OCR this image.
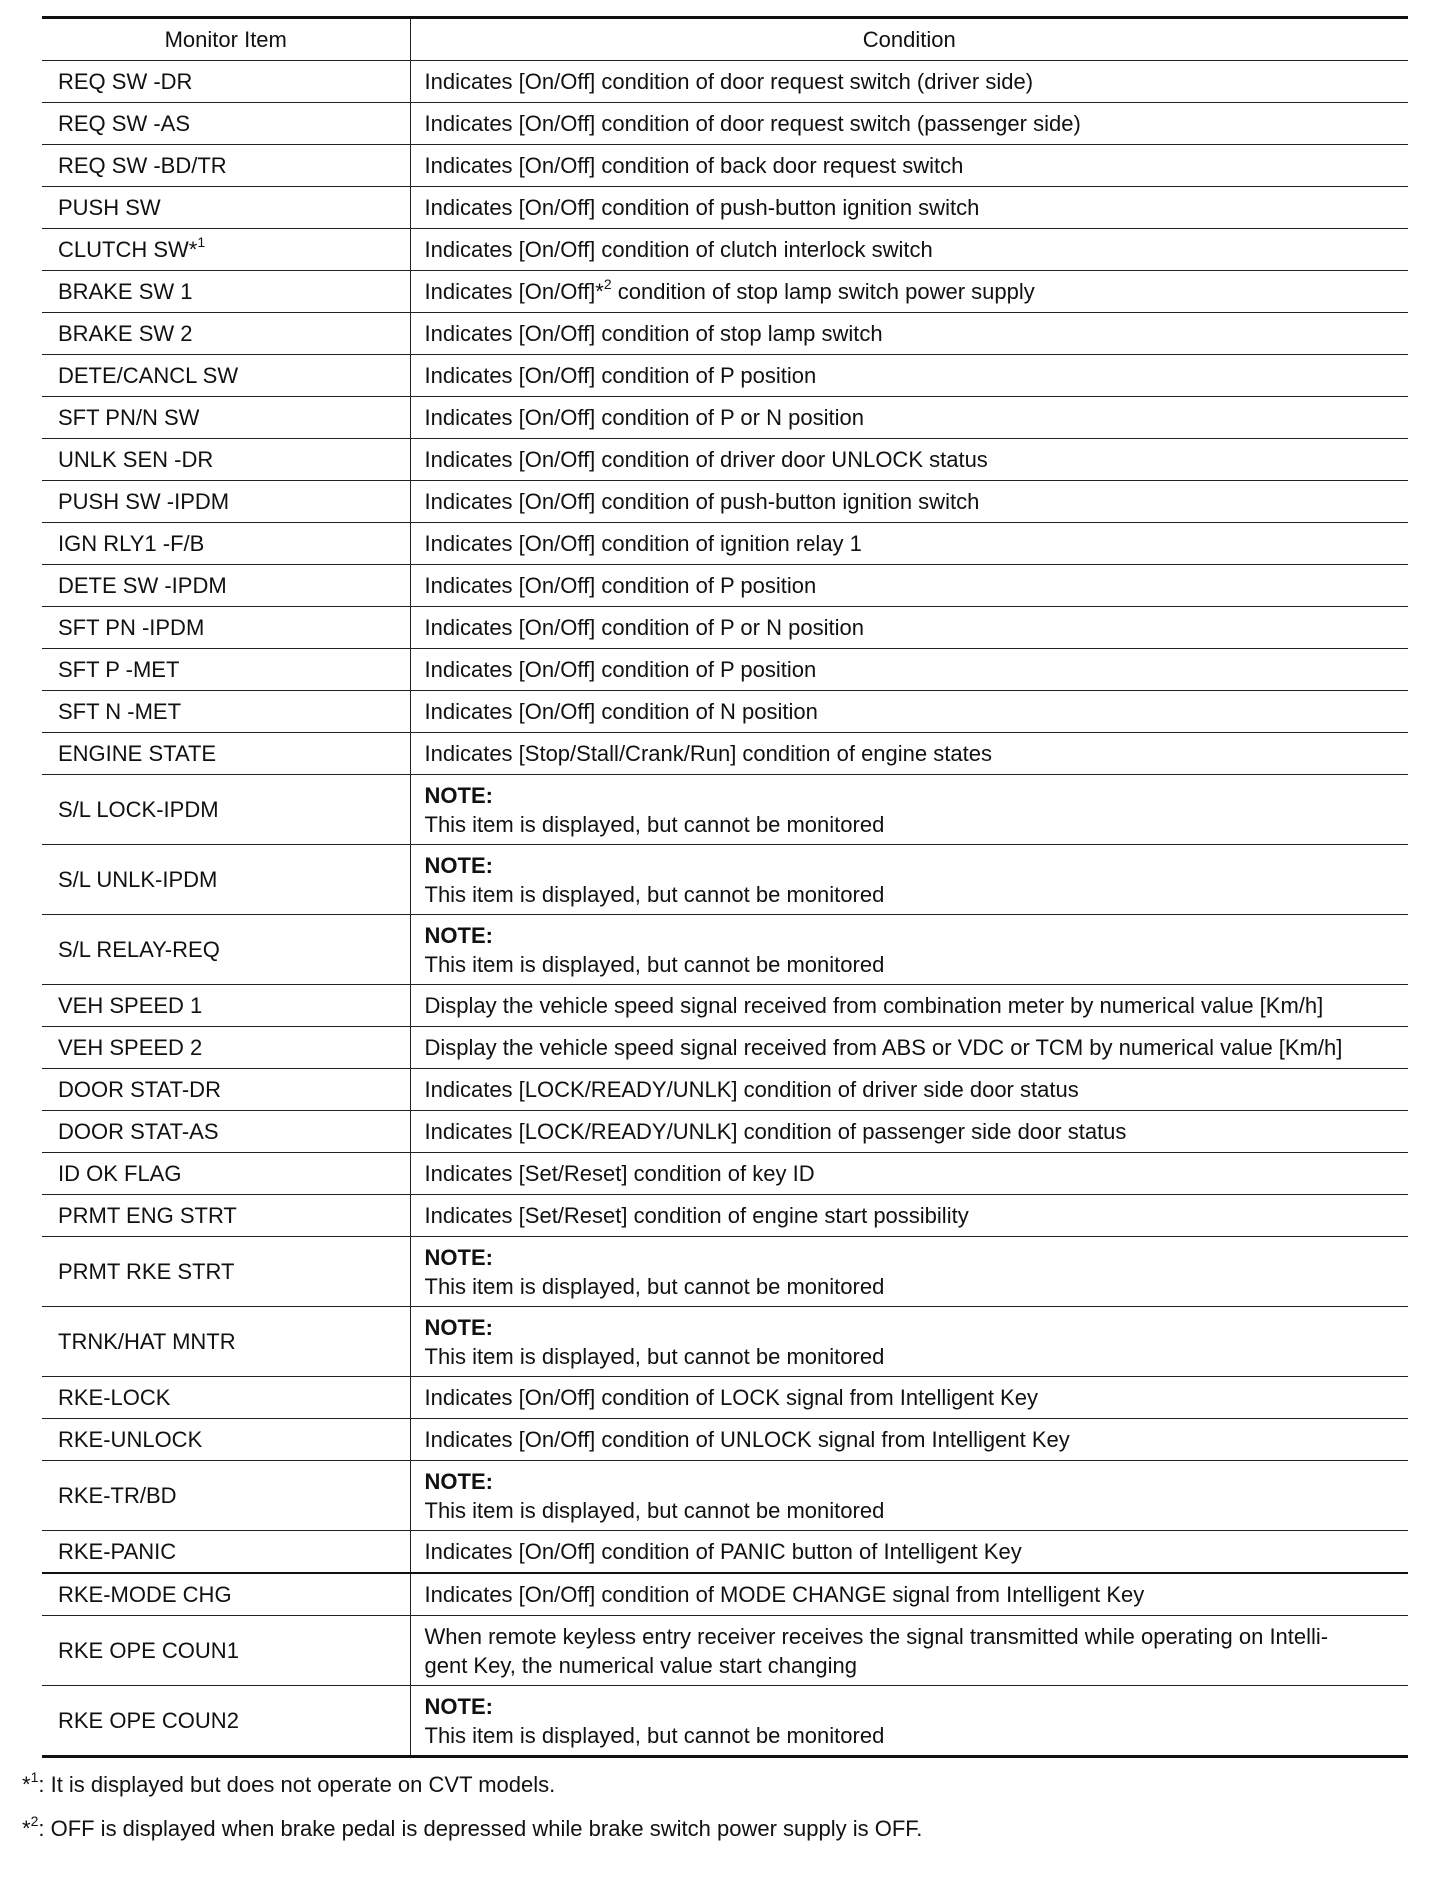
Monitor Item	Condition
REQ SW -DR	Indicates [On/Off] condition of door request switch (driver side)
REQ SW -AS	Indicates [On/Off] condition of door request switch (passenger side)
REQ SW -BD/TR	Indicates [On/Off] condition of back door request switch
PUSH SW	Indicates [On/Off] condition of push-button ignition switch
CLUTCH SW*$^1$	Indicates [On/Off] condition of clutch interlock switch
BRAKE SW 1	Indicates [On/Off]*$^2$ condition of stop lamp switch power supply
BRAKE SW 2	Indicates [On/Off] condition of stop lamp switch
DETE/CANCL SW	Indicates [On/Off] condition of P position
SFT PN/N SW	Indicates [On/Off] condition of P or N position
UNLK SEN -DR	Indicates [On/Off] condition of driver door UNLOCK status
PUSH SW -IPDM	Indicates [On/Off] condition of push-button ignition switch
IGN RLY1 -F/B	Indicates [On/Off] condition of ignition relay 1
DETE SW -IPDM	Indicates [On/Off] condition of P position
SFT PN -IPDM	Indicates [On/Off] condition of P or N position
SFT P -MET	Indicates [On/Off] condition of P position
SFT N -MET	Indicates [On/Off] condition of N position
ENGINE STATE	Indicates [Stop/Stall/Crank/Run] condition of engine states
S/L LOCK-IPDM	NOTE:
This item is displayed, but cannot be monitored
S/L UNLK-IPDM	NOTE:
This item is displayed, but cannot be monitored
S/L RELAY-REQ	NOTE:
This item is displayed, but cannot be monitored
VEH SPEED 1	Display the vehicle speed signal received from combination meter by numerical value [Km/h]
VEH SPEED 2	Display the vehicle speed signal received from ABS or VDC or TCM by numerical value [Km/h]
DOOR STAT-DR	Indicates [LOCK/READY/UNLK] condition of driver side door status
DOOR STAT-AS	Indicates [LOCK/READY/UNLK] condition of passenger side door status
ID OK FLAG	Indicates [Set/Reset] condition of key ID
PRMT ENG STRT	Indicates [Set/Reset] condition of engine start possibility
PRMT RKE STRT	NOTE:
This item is displayed, but cannot be monitored
TRNK/HAT MNTR	NOTE:
This item is displayed, but cannot be monitored
RKE-LOCK	Indicates [On/Off] condition of LOCK signal from Intelligent Key
RKE-UNLOCK	Indicates [On/Off] condition of UNLOCK signal from Intelligent Key
RKE-TR/BD	NOTE:
This item is displayed, but cannot be monitored
RKE-PANIC	Indicates [On/Off] condition of PANIC button of Intelligent Key
RKE-MODE CHG	Indicates [On/Off] condition of MODE CHANGE signal from Intelligent Key
RKE OPE COUN1	When remote keyless entry receiver receives the signal transmitted while operating on Intelli-
gent Key, the numerical value start changing

RKE OPE COUN2	NOTE:
This item is displayed, but cannot be monitored
*$^1$: It is displayed but does not operate on CVT models.
*$^2$: OFF is displayed when brake pedal is depressed while brake switch power supply is OFF.
